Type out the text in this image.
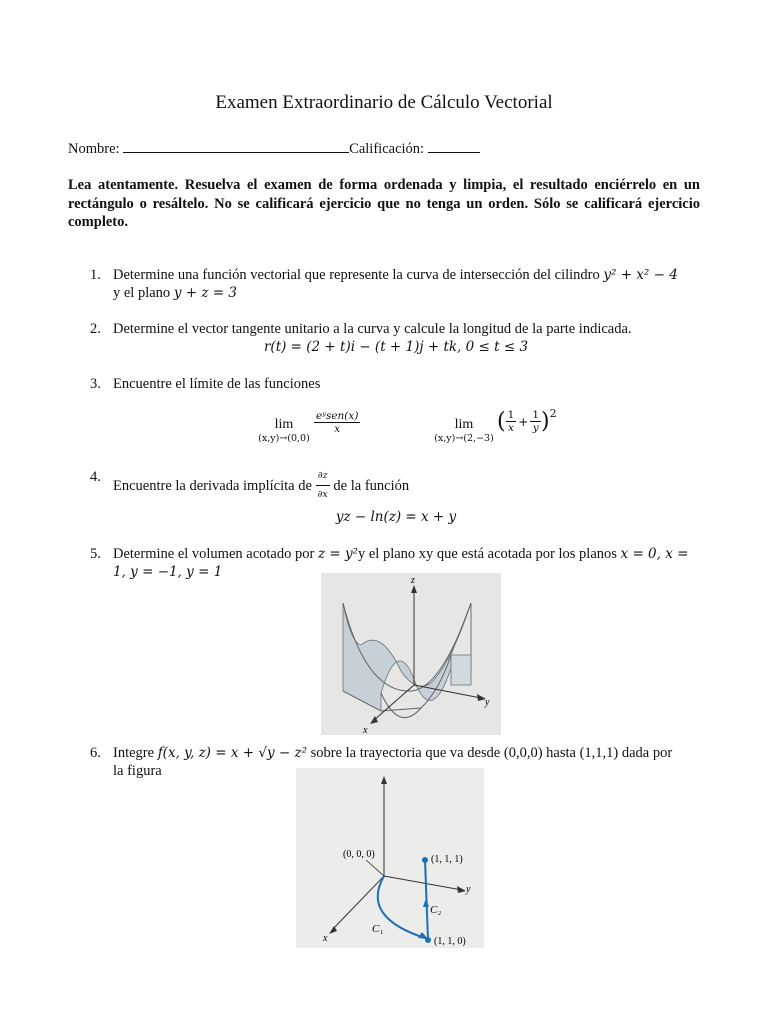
Examen Extraordinario de Cálculo Vectorial
Nombre:	Calificación:
Lea atentamente. Resuelva el examen de forma ordenada y limpia, el resultado enciérrelo en un rectángulo o resáltelo. No se calificará ejercicio que no tenga un orden. Sólo se calificará ejercicio completo.
1. Determine una función vectorial que represente la curva de intersección del cilindro y² + x² − 4
y el plano y + z = 3
2. Determine el vector tangente unitario a la curva y calcule la longitud de la parte indicada.
r(t) = (2 + t)i − (t + 1)j + tk, 0 ≤ t ≤ 3
3. Encuentre el límite de las funciones
lim
(x,y)→(0,0)
eʸsen(x)
x	lim
(x,y)→(2,−3)
( $\frac{1}{x} + \frac{1}{y} )^2$
4.
Encuentre la derivada implícita de $\frac{\partial z}{\partial x}$ de la función
yz − ln(z) = x + y
5. Determine el volumen acotado por z = y²y el plano xy que está acotada por los planos x = 0, x =
1, y = −1, y = 1
z
y
x
6. Integre f(x, y, z) = x + √y − z² sobre la trayectoria que va desde (0,0,0) hasta (1,1,1) dada por
la figura
(0, 0, 0)	(1, 1, 1)
(1, 1, 0)
C₁
C₂
y
x
